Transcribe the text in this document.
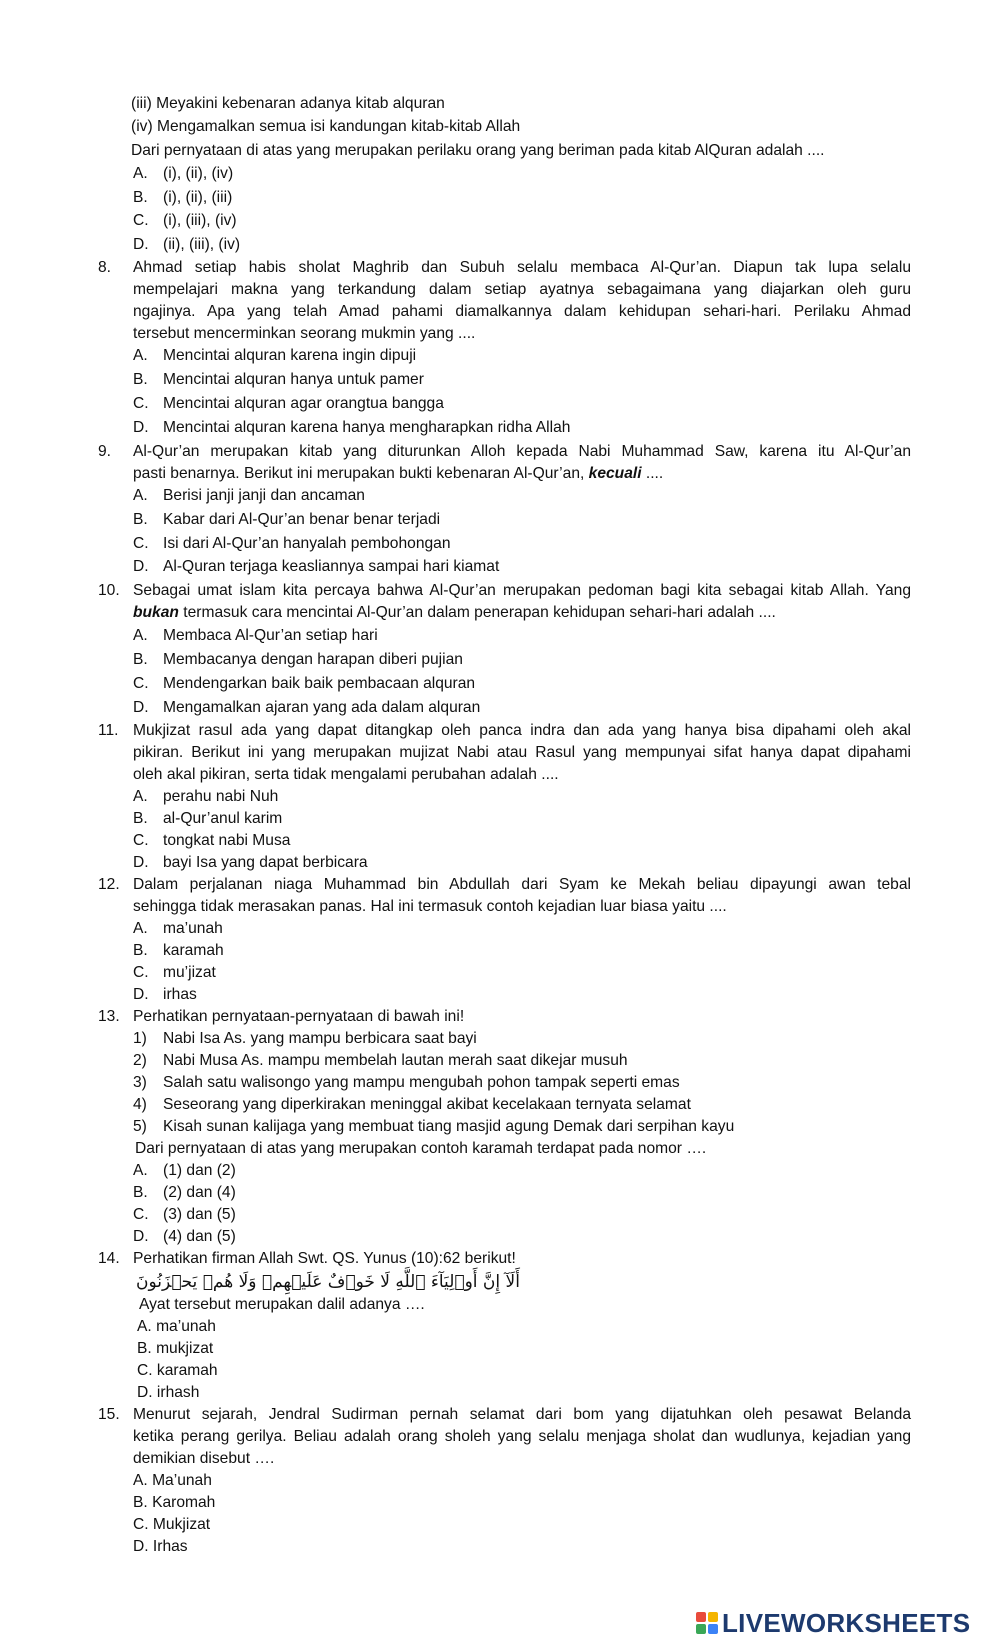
(iii) Meyakini kebenaran adanya kitab alquran
(iv) Mengamalkan semua isi kandungan kitab-kitab Allah
Dari pernyataan di atas yang merupakan perilaku orang yang beriman pada kitab AlQuran adalah ....
A. (i), (ii), (iv)
B. (i), (ii), (iii)
C. (i), (iii), (iv)
D. (ii), (iii), (iv)
8. Ahmad setiap habis sholat Maghrib dan Subuh selalu membaca Al-Qur’an. Diapun tak lupa selalu
mempelajari makna yang terkandung dalam setiap ayatnya sebagaimana yang diajarkan oleh guru
ngajinya. Apa yang telah Amad pahami diamalkannya dalam kehidupan sehari-hari. Perilaku Ahmad
tersebut mencerminkan seorang mukmin yang ....
A. Mencintai alquran karena ingin dipuji
B. Mencintai alquran hanya untuk pamer
C. Mencintai alquran agar orangtua bangga
D. Mencintai alquran karena hanya mengharapkan ridha Allah
9. Al-Qur’an merupakan kitab yang diturunkan Alloh kepada Nabi Muhammad Saw, karena itu Al-Qur’an
pasti benarnya. Berikut ini merupakan bukti kebenaran Al-Qur’an, kecuali ....
A. Berisi janji janji dan ancaman
B. Kabar dari Al-Qur’an benar benar terjadi
C. Isi dari Al-Qur’an hanyalah pembohongan
D. Al-Quran terjaga keasliannya sampai hari kiamat
10. Sebagai umat islam kita percaya bahwa Al-Qur’an merupakan pedoman bagi kita sebagai kitab Allah. Yang
bukan termasuk cara mencintai Al-Qur’an dalam penerapan kehidupan sehari-hari adalah ....
A. Membaca Al-Qur’an setiap hari
B. Membacanya dengan harapan diberi pujian
C. Mendengarkan baik baik pembacaan alquran
D. Mengamalkan ajaran yang ada dalam alquran
11. Mukjizat rasul ada yang dapat ditangkap oleh panca indra dan ada yang hanya bisa dipahami oleh akal
pikiran. Berikut ini yang merupakan mujizat Nabi atau Rasul yang mempunyai sifat hanya dapat dipahami
oleh akal pikiran, serta tidak mengalami perubahan adalah ....
A. perahu nabi Nuh
B. al-Qur’anul karim
C. tongkat nabi Musa
D. bayi Isa yang dapat berbicara
12. Dalam perjalanan niaga Muhammad bin Abdullah dari Syam ke Mekah beliau dipayungi awan tebal
sehingga tidak merasakan panas. Hal ini termasuk contoh kejadian luar biasa yaitu ....
A. ma’unah
B. karamah
C. mu’jizat
D. irhas
13. Perhatikan pernyataan-pernyataan di bawah ini!
1) Nabi Isa As. yang mampu berbicara saat bayi
2) Nabi Musa As. mampu membelah lautan merah saat dikejar musuh
3) Salah satu walisongo yang mampu mengubah pohon tampak seperti emas
4) Seseorang yang diperkirakan meninggal akibat kecelakaan ternyata selamat
5) Kisah sunan kalijaga yang membuat tiang masjid agung Demak dari serpihan kayu
Dari pernyataan di atas yang merupakan contoh karamah terdapat pada nomor ….
A. (1) dan (2)
B. (2) dan (4)
C. (3) dan (5)
D. (4) dan (5)
14. Perhatikan firman Allah Swt. QS. Yunus (10):62 berikut!
أَلَآ إِنَّ أَوۡلِيَآءَ ٱللَّهِ لَا خَوۡفٌ عَلَيۡهِمۡ وَلَا هُمۡ يَحۡزَنُونَ
Ayat tersebut merupakan dalil adanya ….
A. ma’unah
B. mukjizat
C. karamah
D. irhash
15. Menurut sejarah, Jendral Sudirman pernah selamat dari bom yang dijatuhkan oleh pesawat Belanda
ketika perang gerilya. Beliau adalah orang sholeh yang selalu menjaga sholat dan wudlunya, kejadian yang
demikian disebut ….
A. Ma’unah
B. Karomah
C. Mukjizat
D. Irhas
LIVEWORKSHEETS
